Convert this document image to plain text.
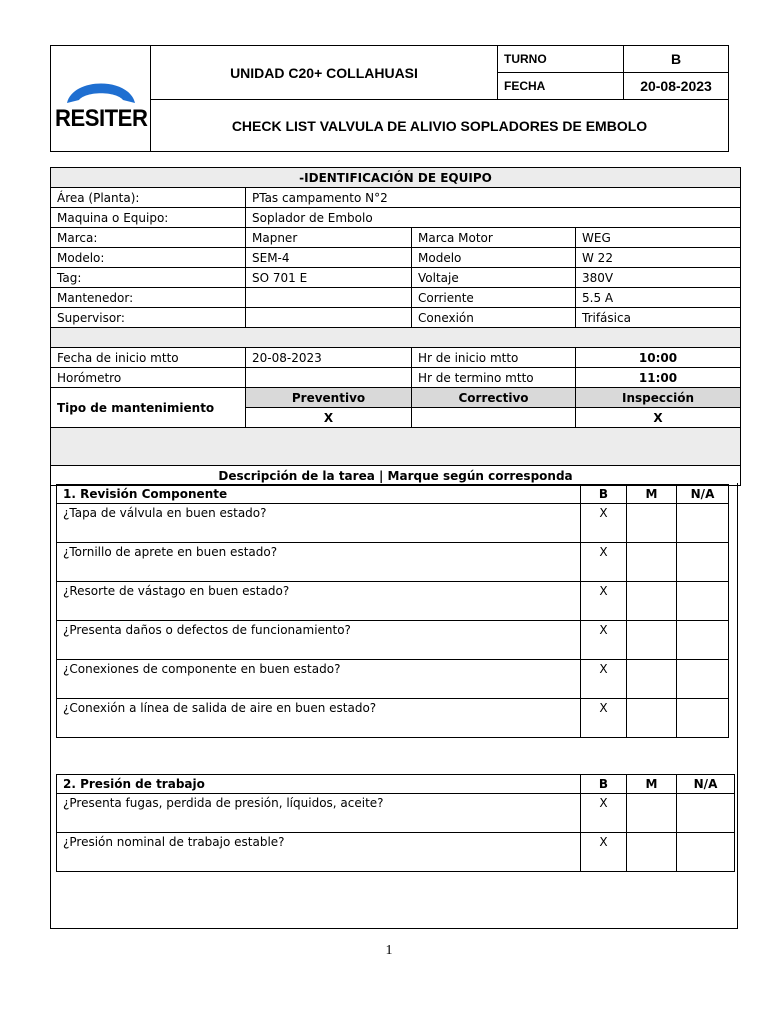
RESITER	UNIDAD C20+ COLLAHUASI	TURNO	B
		FECHA	20-08-2023
	CHECK LIST VALVULA DE ALIVIO SOPLADORES DE EMBOLO		
-IDENTIFICACIÓN DE EQUIPO			
Área (Planta):	PTas campamento N°2		
Maquina o Equipo:	Soplador de Embolo		
Marca:	Mapner	Marca Motor	WEG
Modelo:	SEM-4	Modelo	W 22
Tag:	SO 701 E	Voltaje	380V
Mantenedor:		Corriente	5.5 A
Supervisor:		Conexión	Trifásica

Fecha de inicio mtto	20-08-2023	Hr de inicio mtto	10:00
Horómetro		Hr de termino mtto	11:00
Tipo de mantenimiento	Preventivo	Correctivo	Inspección
	X		X

Descripción de la tarea | Marque según corresponda			
1. Revisión Componente	B	M	N/A
¿Tapa de válvula en buen estado?	X		
¿Tornillo de aprete en buen estado?	X		
¿Resorte de vástago en buen estado?	X		
¿Presenta daños o defectos de funcionamiento?	X		
¿Conexiones de componente en buen estado?	X		
¿Conexión a línea de salida de aire en buen estado?	X		
2. Presión de trabajo	B	M	N/A
¿Presenta fugas, perdida de presión, líquidos, aceite?	X		
¿Presión nominal de trabajo estable?	X		
1
